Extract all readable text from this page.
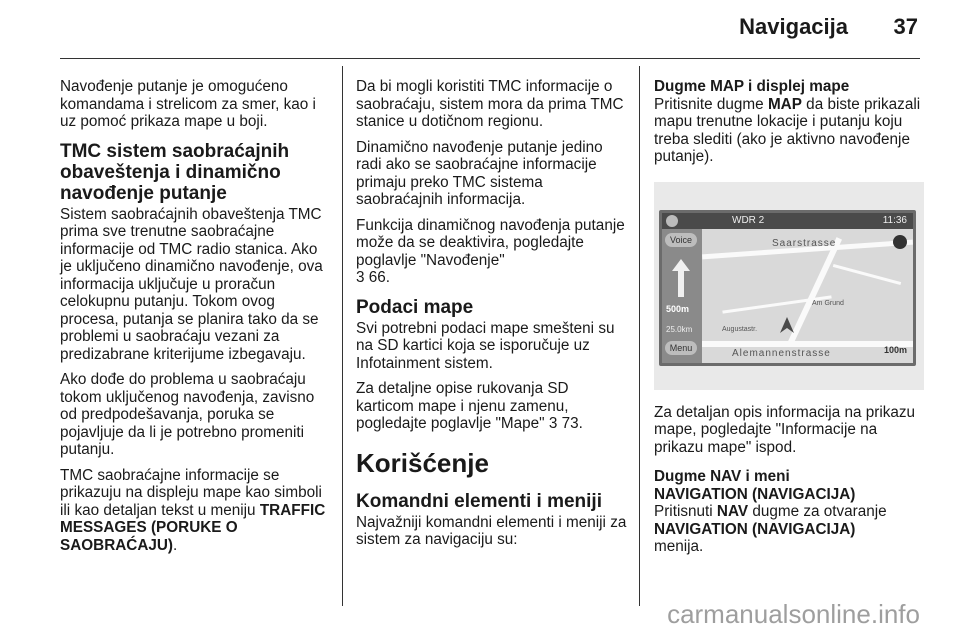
Navigacija 37

Navođenje putanje je omogućeno komandama i strelicom za smer, kao i uz pomoć prikaza mape u boji.

TMC sistem saobraćajnih obaveštenja i dinamično navođenje putanje

Sistem saobraćajnih obaveštenja TMC prima sve trenutne saobraćajne informacije od TMC radio stanica. Ako je uključeno dinamično navođenje, ova informacija uključuje u proračun celokupnu putanju. Tokom ovog procesa, putanja se planira tako da se problemi u saobraćaju vezani za predizabrane kriterijume izbegavaju.

Ako dođe do problema u saobraćaju tokom uključenog navođenja, zavisno od predpodešavanja, poruka se pojavljuje da li je potrebno promeniti putanju.

TMC saobraćajne informacije se prikazuju na displeju mape kao simboli ili kao detaljan tekst u meniju TRAFFIC MESSAGES (PORUKE O SAOBRAĆAJU).

Da bi mogli koristiti TMC informacije o saobraćaju, sistem mora da prima TMC stanice u dotičnom regionu.

Dinamično navođenje putanje jedino radi ako se saobraćajne informacije primaju preko TMC sistema saobraćajnih informacija.

Funkcija dinamičnog navođenja putanje može da se deaktivira, pogledajte poglavlje "Navođenje"
3 66.

Podaci mape

Svi potrebni podaci mape smešteni su na SD kartici koja se isporučuje uz Infotainment sistem.

Za detaljne opise rukovanja SD karticom mape i njenu zamenu, pogledajte poglavlje "Mape" 3 73.

Korišćenje
Komandni elementi i meniji

Najvažniji komandni elementi i meniji za sistem za navigaciju su:

Dugme MAP i displej mape

Pritisnite dugme MAP da biste prikazali mapu trenutne lokacije i putanju koju treba slediti (ako je aktivno navođenje putanje).

WDR 2	11:36
Voice
500m
25.0km
Menu
Saarstrasse
Alemannenstrasse
Augustastr.
Am Grund
100m

Za detaljan opis informacija na prikazu mape, pogledajte "Informacije na prikazu mape" ispod.

Dugme NAV i meni

NAVIGATION (NAVIGACIJA)

Pritisnuti NAV dugme za otvaranje
NAVIGATION (NAVIGACIJA)
menija.

carmanualsonline.info
